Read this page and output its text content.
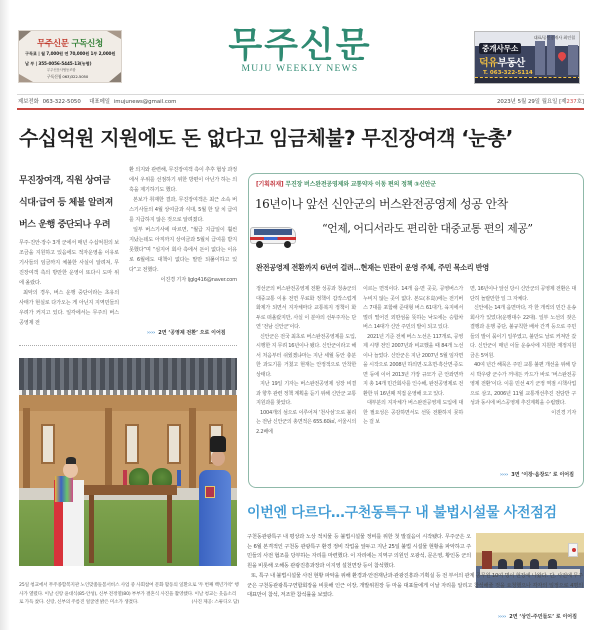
무주신문 구독신청
구독료 | 월 7,000원 연 70,000원 1부 2,000원
납 부 | 355-0056-5445-13(농협)
무주신문사협동조합
구독신청 063)322-5050
무주신문
MUJU WEEKLY NEWS
대표/공인중개사 최인철
중개사무소
덕유부동산
T. 063-322-5114
제보전화 063-322-5050 대표메일 imujunews@gmail.com	2023년 5월 29일 월요일 [제237호]
수십억원 지원에도 돈 없다고 임금체불? 무진장여객 ‘눈총’
무진장여객, 직원 상여금
식대·급여 등 체불 알려져
버스 운행 중단되나 우려

무주·진안·장수 3개 군에서 매년 수십억원의 보조금을 지원하고 있음에도 적자운영을 이유로 기사들의 임금까지 체불한 사실이 알려져, 무진장여객 측의 방만한 운영이 또다시 도마 위에 올랐다.

최악의 경우, 버스 운행 중단이라는 초유의 사태가 현실로 다가오는 게 아닌지 지역민들의 우려가 커지고 있다. 일각에서는 무주의 버스공영제 전

환 의지와 관련해, 무진장여객 측이 추후 협상 과정에서 우위를 선점하기 위한 방편이 아닌가 하는 의혹을 제기하기도 했다.

본보가 취재한 결과, 무진장여객은 최근 소속 버스기사들의 4월 상여금과 식대, 5월 한 달 치 급여를 지급하지 않은 것으로 알려졌다.

일부 버스기사에 따르면, “월급 지급일이 훨씬 지났는데도 아직까지 상여금과 5월치 급여를 받지 못했다”며 “심지어 회사 측에서 돈이 없다는 이유로 6월에도 대책이 없다는 말만 되풀이하고 있다”고 전했다.

이진경 기자 ljglg416@naver.com
›››› 2면 ‘공영제 전환’ 으로 이어짐
25일 청교에서 무주종합복지관 노인맞춤돌봄서비스 사업 중 사회참여 문화 활동의 일환으로 ‘두 번째 백년가약’ 행사가 열렸다. 이날 신랑 윤대식(85·안성), 신부 전정열(80) 부부가 결혼식 사진을 촬영했다. 이날 청교는 웃음소리로 가득 찼다. 신랑, 신부의 주름진 얼굴엔 밝은 미소가 생겼다.	(사진 제공: 스튜디오 담)
[기획취재] 무진장 버스완전공영제와 교통약자 이동 편의 정책 ③신안군
16년이나 앞선 신안군의 버스완전공영제 성공 안착
“언제, 어디서라도 편리한 대중교통 편의 제공”
완전공영제 전환까지 6년여 걸려…현재는 민관이 운영 주체, 주민 목소리 반영

정선군의 버스완전공영제 전환 성공과 청송군의 대중교통 이용 전면 무료화 정책이 갑작스럽게 화제가 되면서 지자체마다 교통복지 정책이 화두로 떠올랐지만, 사실 이 분야의 선두주자는 단연 ‘전남 신안군’이다.

신안군은 전국 최초로 버스완전공영제를 도입, 시행한 지 무려 16년이나 됐다. 신안군이라고 해서 처음부터 쉬웠겠냐마는 지난 세월 동안 충분한 과도기를 거쳤고 현재는 안정적으로 안착한 상태다.

지난 19일 기자는 버스완전공영제 성장 비결과 향후 관련 정책 계획을 듣기 위해 신안군 교통지원과를 찾았다.

1004개의 섬으로 이루어져 ‘천사섬’으로 불리는 전남 신안군의 총면적은 655.60㎢, 서울시의 2.2배에

이르는 면적이다. 14개 읍·면 곳곳, 공영버스가 누비지 않는 곳이 없다. 본도(本島)에는 전기버스 7대를 포함해 준대형 버스 61대가, 육지에서 멀리 떨어진 외딴섬을 뜻하는 낙도에는 승합차 버스 14대가 신안 주민의 발이 되고 있다.

2021년 기준 전체 버스 노선은 117개로, 공영제 시행 전인 2007년과 비교했을 때 84개 노선이나 늘었다. 신안군은 지난 2007년 5월 임자면을 시작으로 2008년 하의면·도초면·흑산면·증도면 등에 이어 2013년 가장 규모가 큰 안좌면까지 총 14개 민간회사를 인수해, 완전공영제로 전환한 뒤 16년째 직접 운영해 오고 있다.

대부분의 지자체가 버스완전공영제 도입에 대한 필요성은 공감하면서도 선뜻 전환하지 못하는 걸 보

면, 16년이나 앞선 당시 신안군의 공영제 전환은 대단히 놀랄만한 일 그 자체다.

신안에는 14개 읍면마다, 각 한 개씩의 민간 운송회사가 있었다(운행대수 22대). 일부 노선의 잦은 결행과 운행 중단, 불규칙한 배차 간격 등으로 주민들의 발이 묶이기 일쑤였고, 불만도 날로 커져만 갔다. 신안군이 매년 이들 운송사에 지원한 재정지원금은 5억원.

40여 년간 해묵은 주민 교통 불편 개선을 위해 당시 박우량 군수가 꺼내든 카드가 바로 ‘버스완전공영제 전환’이다. 이를 민선 4기 군정 역점 시책사업으로 삼고, 2006년 11월 교통개선추진 전담반 구성과 동시에 버스공영제 추진계획을 수립했다.

이진경 기자
›››› 3면 ‘이장·읍장도’ 로 이어짐
이번엔 다르다…구천동특구 내 불법시설물 사전점검

구천동관광특구 내 평상과 노상 적치물 등 불법시설물 정비를 위한 첫 발걸음이 시작됐다. 무주군은 오는 6월 본격적인 구천동 관광특구 환경 정비 작업을 앞두고 지난 25일 불법 시설물 현황을 파악하고 주민들의 사전 협조를 당부하는 자리를 마련했다. 이 자리에는 지역구 의원인 오광석, 문은영, 황인동 군의원을 비롯해 오해동 관광진흥과장과 이지영 설천면장 등이 참석했다.

또, 특구 내 불법시설물 사전 현황 파악을 위해 환경과·안전재난과·관광진흥과·기획실 등 전 부서의 관계 공무원 10여 명이 현장에 나왔다. 단, 사전에 무주군은 구천동관광특구연합회장을 비롯해 인근 이장, 개발위원장 등 마을 대표들에게 이날 자리를 알리고 참석해줄 것을 요청했으나 각자의 일정으로 4명의 대표만이 참석, 저조한 참석률을 보였다.

›››› 2면 ‘상인-주민들도’ 로 이어짐
